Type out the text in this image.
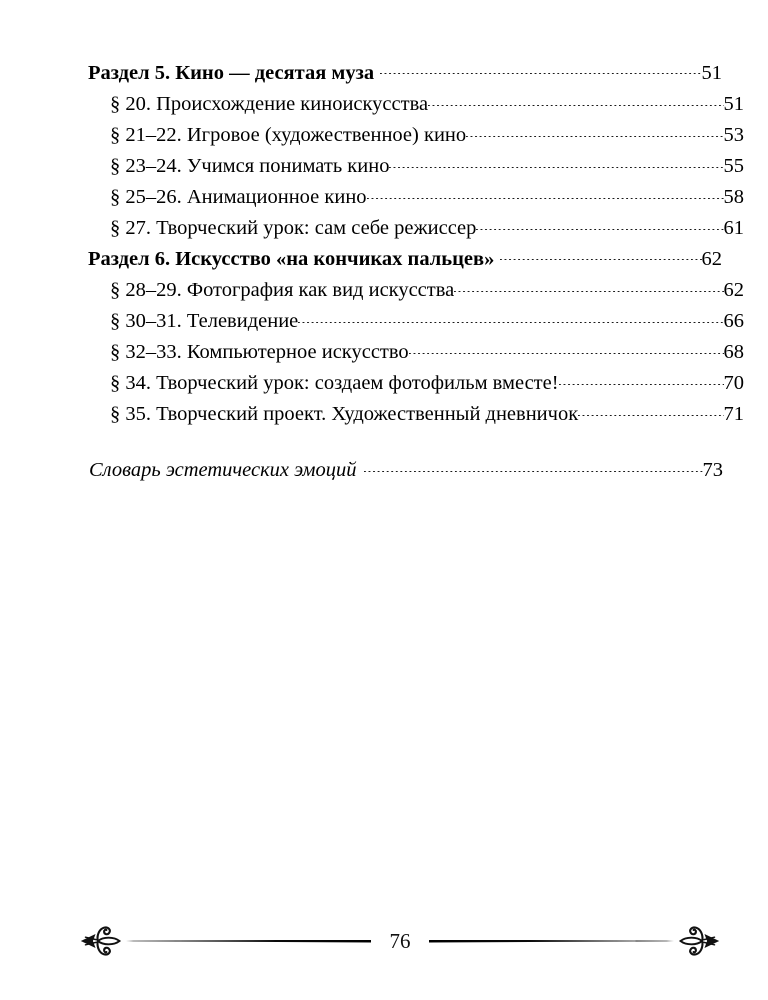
Раздел 5. Кино — десятая муза	51
§ 20. Происхождение киноискусства	51
§ 21–22. Игровое (художественное) кино	53
§ 23–24. Учимся понимать кино	55
§ 25–26. Анимационное кино	58
§ 27. Творческий урок: сам себе режиссер	61
Раздел 6. Искусство «на кончиках пальцев»	62
§ 28–29. Фотография как вид искусства	62
§ 30–31. Телевидение	66
§ 32–33. Компьютерное искусство	68
§ 34. Творческий урок: создаем фотофильм вместе!	70
§ 35. Творческий проект. Художественный дневничок	71
Словарь эстетических эмоций	73
76
